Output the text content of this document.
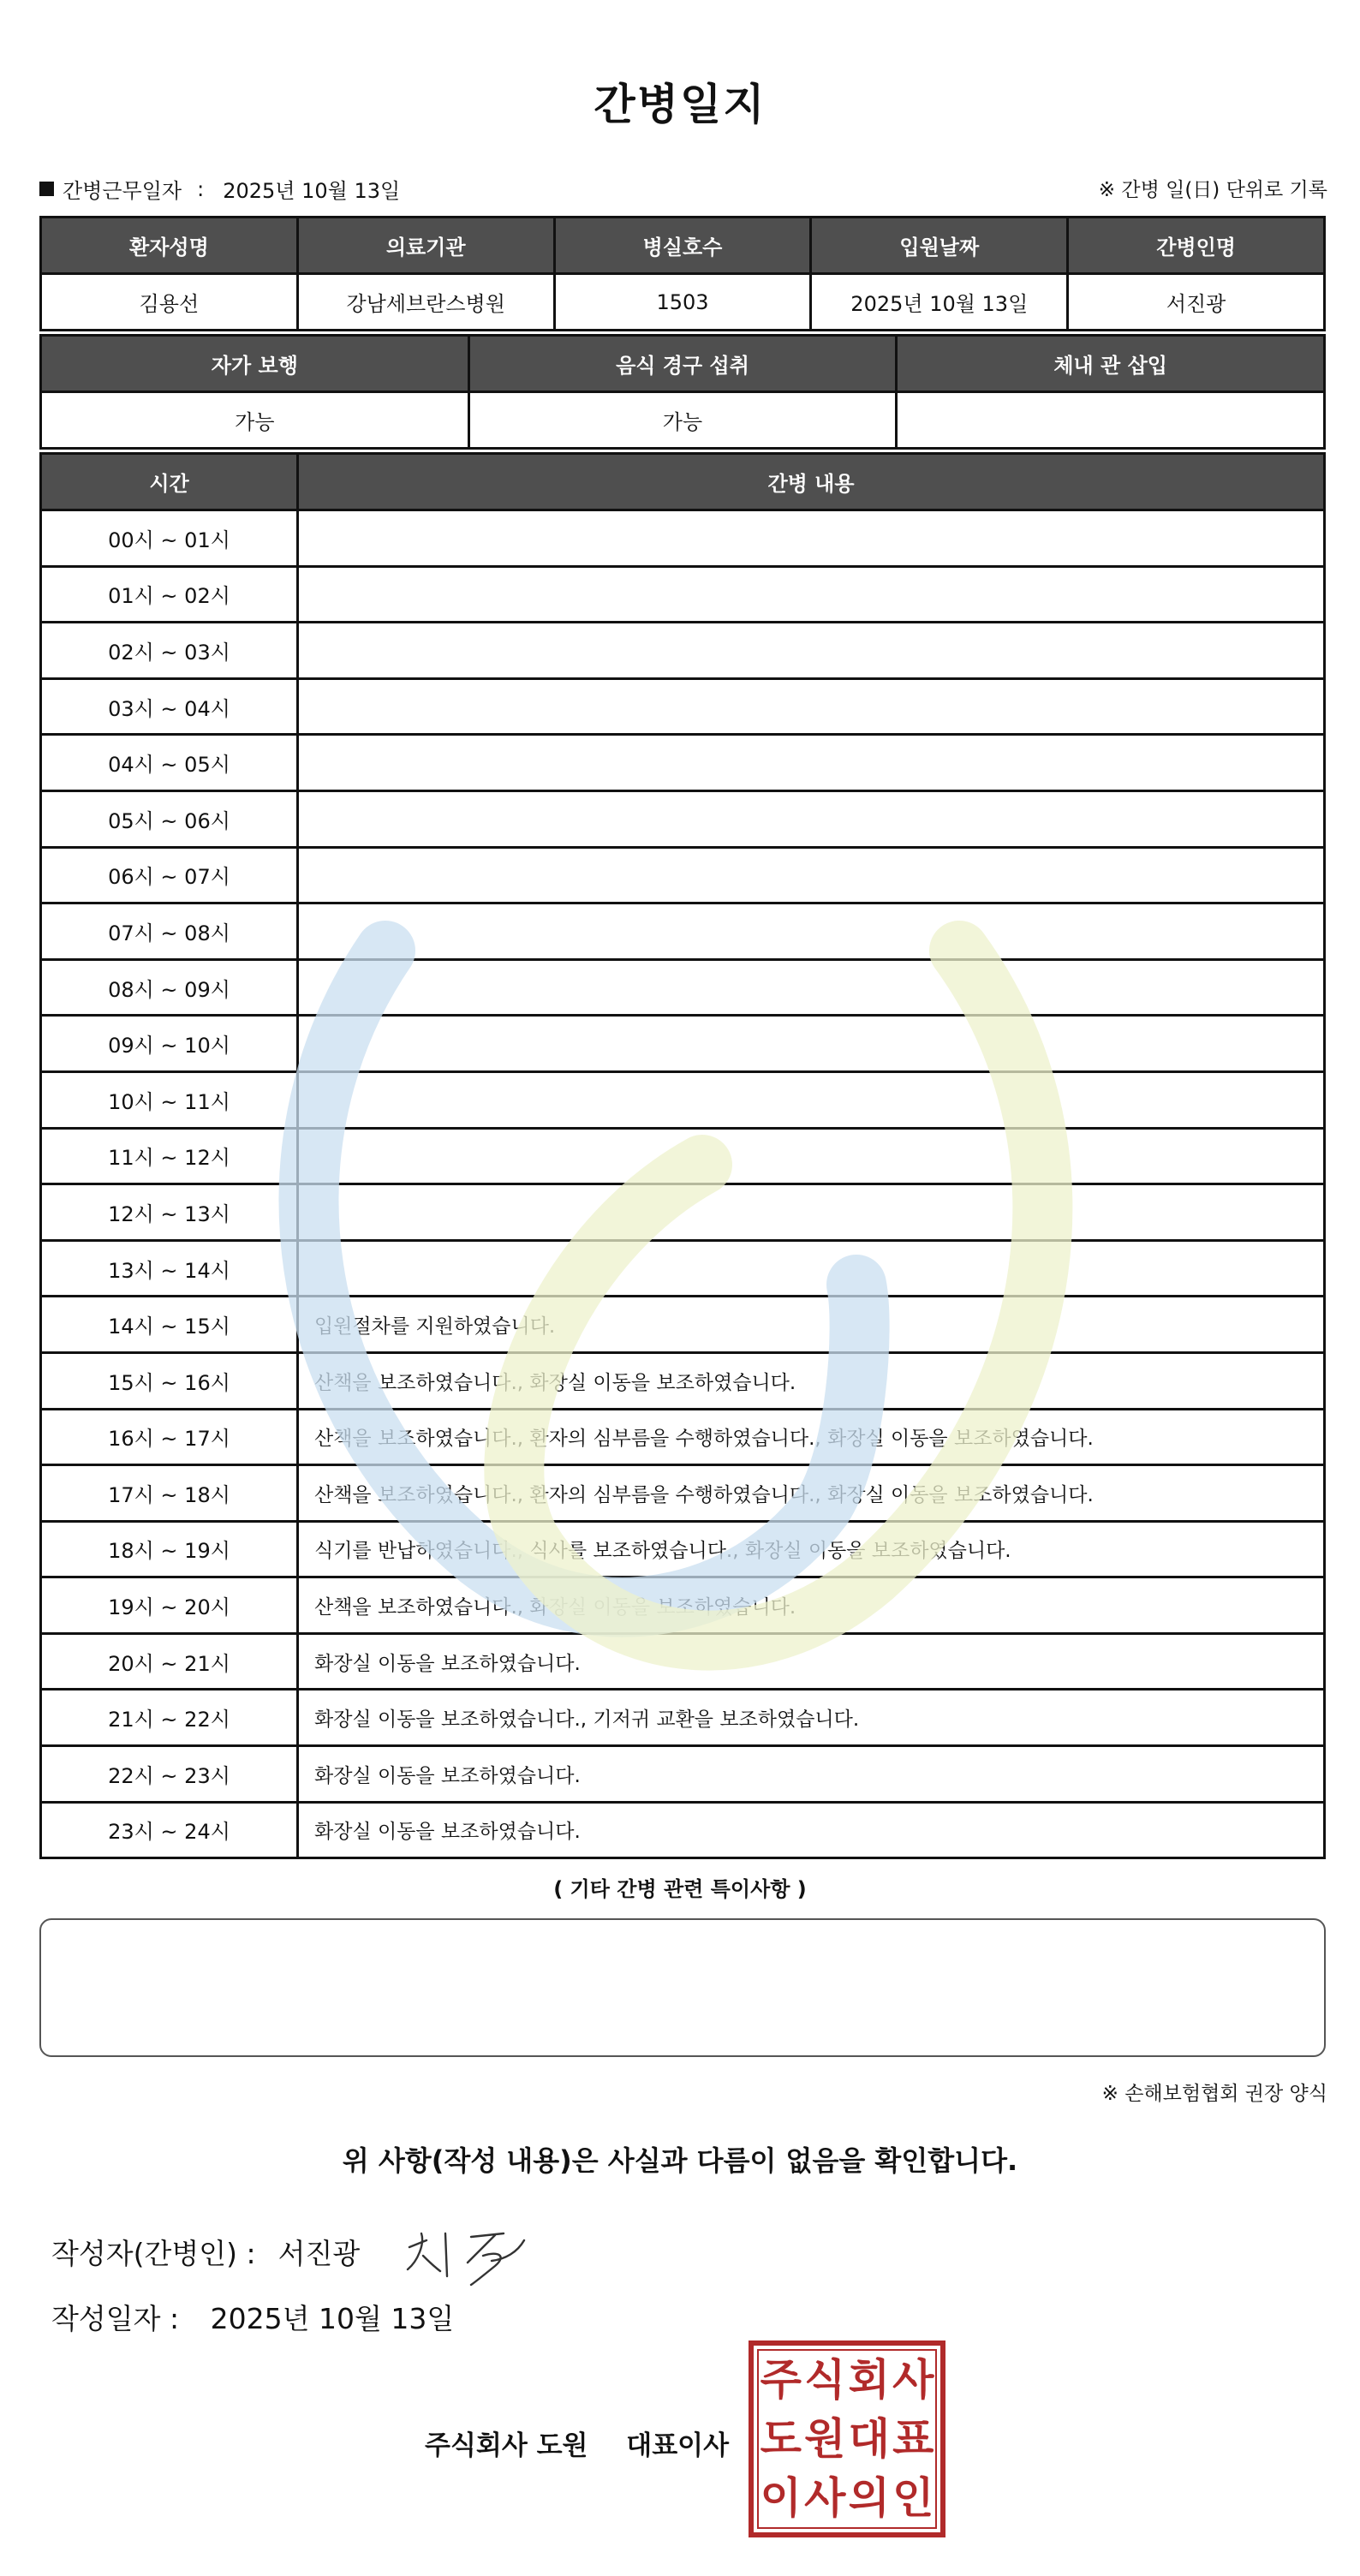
간병일지
간병근무일자 : 2025년 10월 13일	※ 간병 일(日) 단위로 기록
환자성명	의료기관	병실호수	입원날짜	간병인명
김용선	강남세브란스병원	1503	2025년 10월 13일	서진광
자가 보행	음식 경구 섭취	체내 관 삽입
가능	가능	
시간	간병 내용
00시 ~ 01시	
01시 ~ 02시	
02시 ~ 03시	
03시 ~ 04시	
04시 ~ 05시	
05시 ~ 06시	
06시 ~ 07시	
07시 ~ 08시	
08시 ~ 09시	
09시 ~ 10시	
10시 ~ 11시	
11시 ~ 12시	
12시 ~ 13시	
13시 ~ 14시	
14시 ~ 15시	입원절차를 지원하였습니다.
15시 ~ 16시	산책을 보조하였습니다., 화장실 이동을 보조하였습니다.
16시 ~ 17시	산책을 보조하였습니다., 환자의 심부름을 수행하였습니다., 화장실 이동을 보조하였습니다.
17시 ~ 18시	산책을 보조하였습니다., 환자의 심부름을 수행하였습니다., 화장실 이동을 보조하였습니다.
18시 ~ 19시	식기를 반납하였습니다., 식사를 보조하였습니다., 화장실 이동을 보조하였습니다.
19시 ~ 20시	산책을 보조하였습니다., 화장실 이동을 보조하였습니다.
20시 ~ 21시	화장실 이동을 보조하였습니다.
21시 ~ 22시	화장실 이동을 보조하였습니다., 기저귀 교환을 보조하였습니다.
22시 ~ 23시	화장실 이동을 보조하였습니다.
23시 ~ 24시	화장실 이동을 보조하였습니다.
( 기타 간병 관련 특이사항 )
※ 손해보험협회 권장 양식
위 사항(작성 내용)은 사실과 다름이 없음을 확인합니다.
작성자(간병인) : 서진광
작성일자 : 2025년 10월 13일
주식회사 도원 대표이사
주 식 회 사
도 원 대 표
이 사 의 인
